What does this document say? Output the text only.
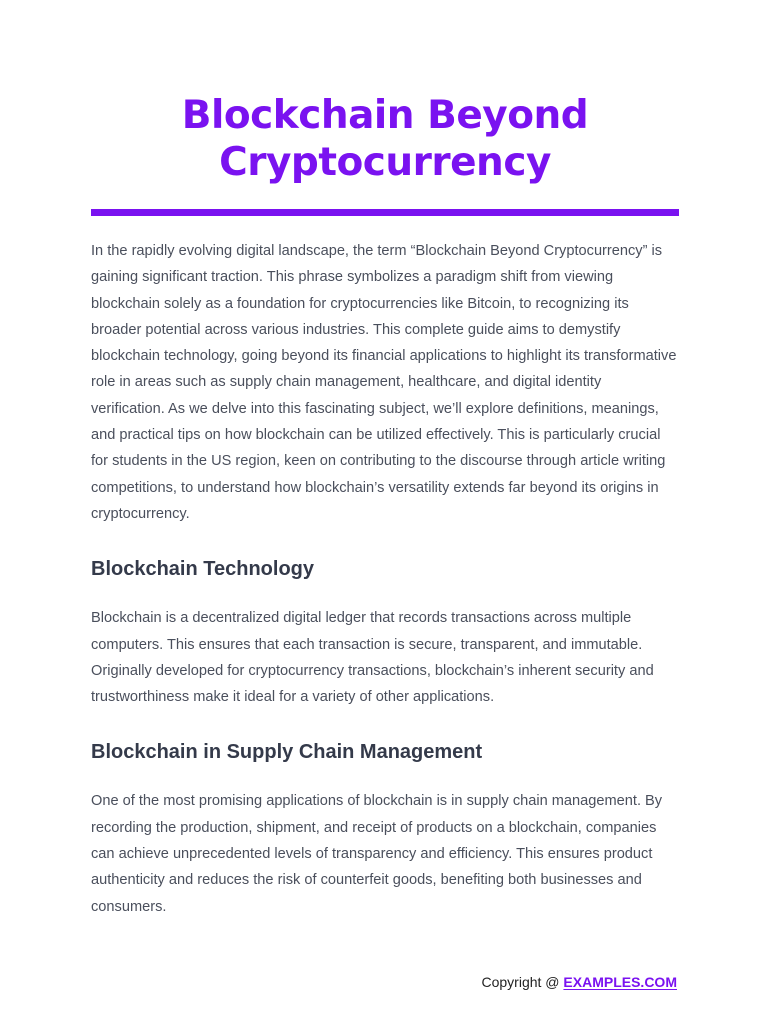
Blockchain Beyond Cryptocurrency

In the rapidly evolving digital landscape, the term “Blockchain Beyond Cryptocurrency” is gaining significant traction. This phrase symbolizes a paradigm shift from viewing blockchain solely as a foundation for cryptocurrencies like Bitcoin, to recognizing its broader potential across various industries. This complete guide aims to demystify blockchain technology, going beyond its financial applications to highlight its transformative role in areas such as supply chain management, healthcare, and digital identity verification. As we delve into this fascinating subject, we’ll explore definitions, meanings, and practical tips on how blockchain can be utilized effectively. This is particularly crucial for students in the US region, keen on contributing to the discourse through article writing competitions, to understand how blockchain’s versatility extends far beyond its origins in cryptocurrency.

Blockchain Technology

Blockchain is a decentralized digital ledger that records transactions across multiple computers. This ensures that each transaction is secure, transparent, and immutable. Originally developed for cryptocurrency transactions, blockchain’s inherent security and trustworthiness make it ideal for a variety of other applications.

Blockchain in Supply Chain Management

One of the most promising applications of blockchain is in supply chain management. By recording the production, shipment, and receipt of products on a blockchain, companies can achieve unprecedented levels of transparency and efficiency. This ensures product authenticity and reduces the risk of counterfeit goods, benefiting both businesses and consumers.

Copyright @ EXAMPLES.COM
